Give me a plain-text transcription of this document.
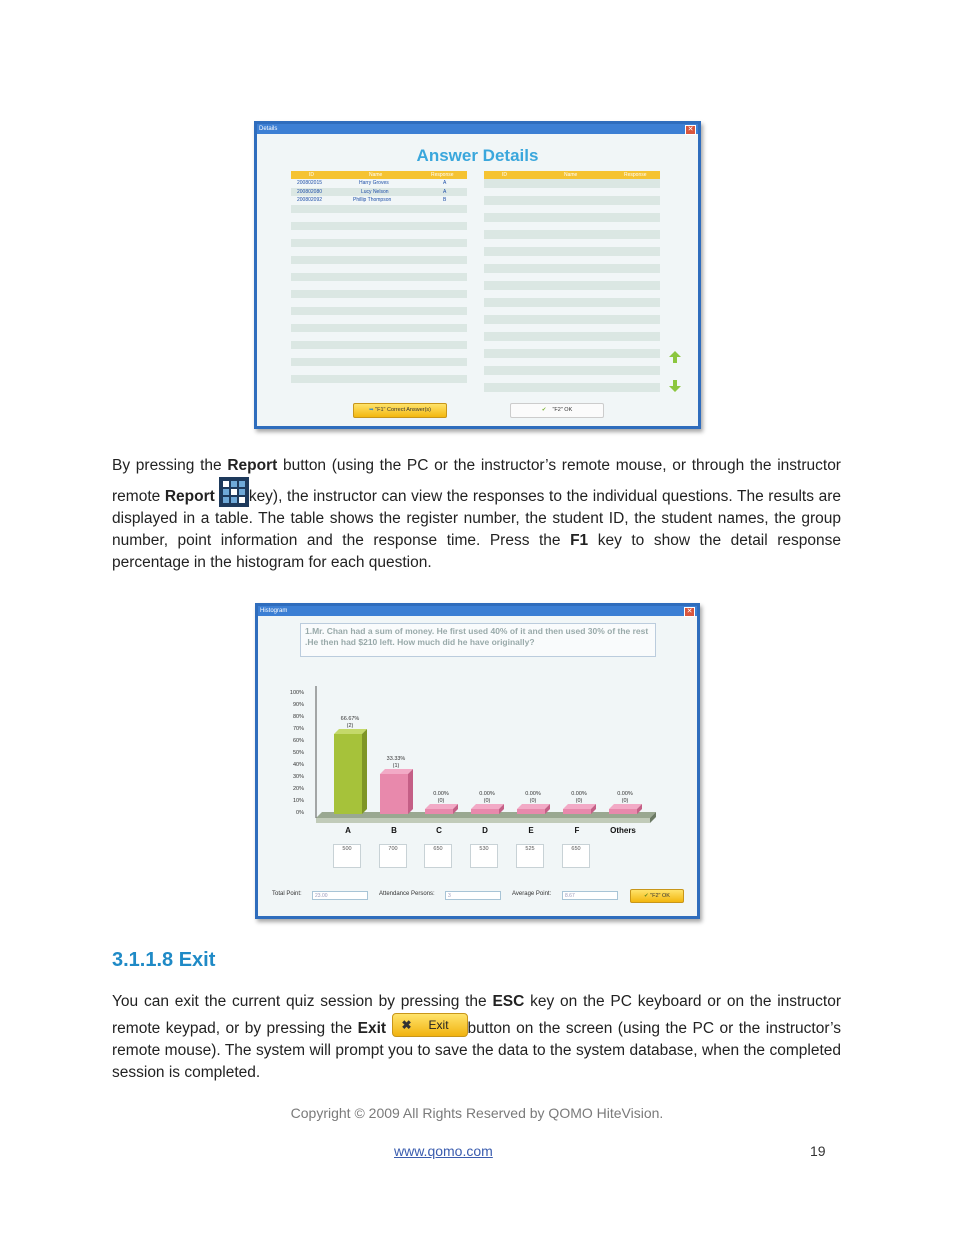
Details	✕
Answer Details
ID	Name	Response
200802015	Harry Groves	A
200802080	Lucy Nelson	A
200802092	Phillip Thompson	B
ID	Name	Response
➥ "F1" Correct Answer(s)	✔ "F2" OK

By pressing the Report button (using the PC or the instructor’s remote mouse, or through the instructor remote Report key), the instructor can view the responses to the individual questions. The results are displayed in a table. The table shows the register number, the student ID, the student names, the group number, point information and the response time. Press the F1 key to show the detail response percentage in the histogram for each question.

Histogram	✕
1.Mr. Chan had a sum of money. He first used 40% of it and then used 30% of the rest .He then had $210 left. How much did he have originally?
100%
90%
80%
70%
60%
50%
40%
30%
20%
10%
0%
66.67%
(2)
A
33.33%
(1)
B
0.00%
(0)
C
0.00%
(0)
D
0.00%
(0)
E
0.00%
(0)
F
0.00%
(0)
Others
500	700	650	530	525	650
Total Point:	23.00	Attendance Persons:	3	Average Point:	8.67	✔ "F2" OK
3.1.1.8 Exit

You can exit the current quiz session by pressing the ESC key on the PC keyboard or on the instructor remote keypad, or by pressing the Exit ✖ Exit button on the screen (using the PC or the instructor’s remote mouse). The system will prompt you to save the data to the system database, when the completed session is completed.

Copyright © 2009 All Rights Reserved by QOMO HiteVision.
www.qomo.com	19
